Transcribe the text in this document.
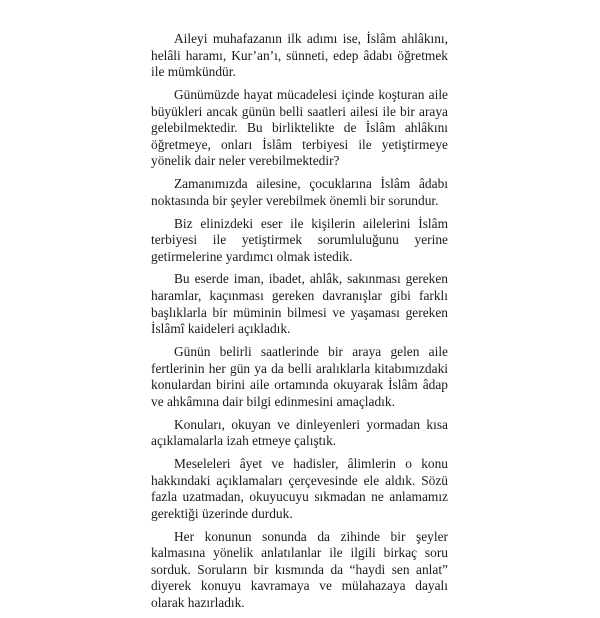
Aileyi muhafazanın ilk adımı ise, İslâm ahlâkını, helâli haramı, Kur’an’ı, sünneti, edep âdabı öğretmek ile mümkündür.

Günümüzde hayat mücadelesi içinde koşturan aile büyükleri ancak günün belli saatleri ailesi ile bir araya gelebilmektedir. Bu birliktelikte de İslâm ahlâkını öğretmeye, onları İslâm terbiyesi ile yetiştirmeye yönelik dair neler verebilmektedir?

Zamanımızda ailesine, çocuklarına İslâm âdabı noktasında bir şeyler verebilmek önemli bir sorundur.

Biz elinizdeki eser ile kişilerin ailelerini İslâm terbiyesi ile yetiştirmek sorumluluğunu yerine getirmelerine yardımcı olmak istedik.

Bu eserde iman, ibadet, ahlâk, sakınması gereken haramlar, kaçınması gereken davranışlar gibi farklı başlıklarla bir müminin bilmesi ve yaşaması gereken İslâmî kaideleri açıkladık.

Günün belirli saatlerinde bir araya gelen aile fertlerinin her gün ya da belli aralıklarla kitabımızdaki konulardan birini aile ortamında okuyarak İslâm âdap ve ahkâmına dair bilgi edinmesini amaçladık.

Konuları, okuyan ve dinleyenleri yormadan kısa açıklamalarla izah etmeye çalıştık.

Meseleleri âyet ve hadisler, âlimlerin o konu hakkındaki açıklamaları çerçevesinde ele aldık. Sözü fazla uzatmadan, okuyucuyu sıkmadan ne anlamamız gerektiği üzerinde durduk.

Her konunun sonunda da zihinde bir şeyler kalmasına yönelik anlatılanlar ile ilgili birkaç soru sorduk. Soruların bir kısmında da “haydi sen anlat” diyerek konuyu kavramaya ve mülahazaya dayalı olarak hazırladık.
